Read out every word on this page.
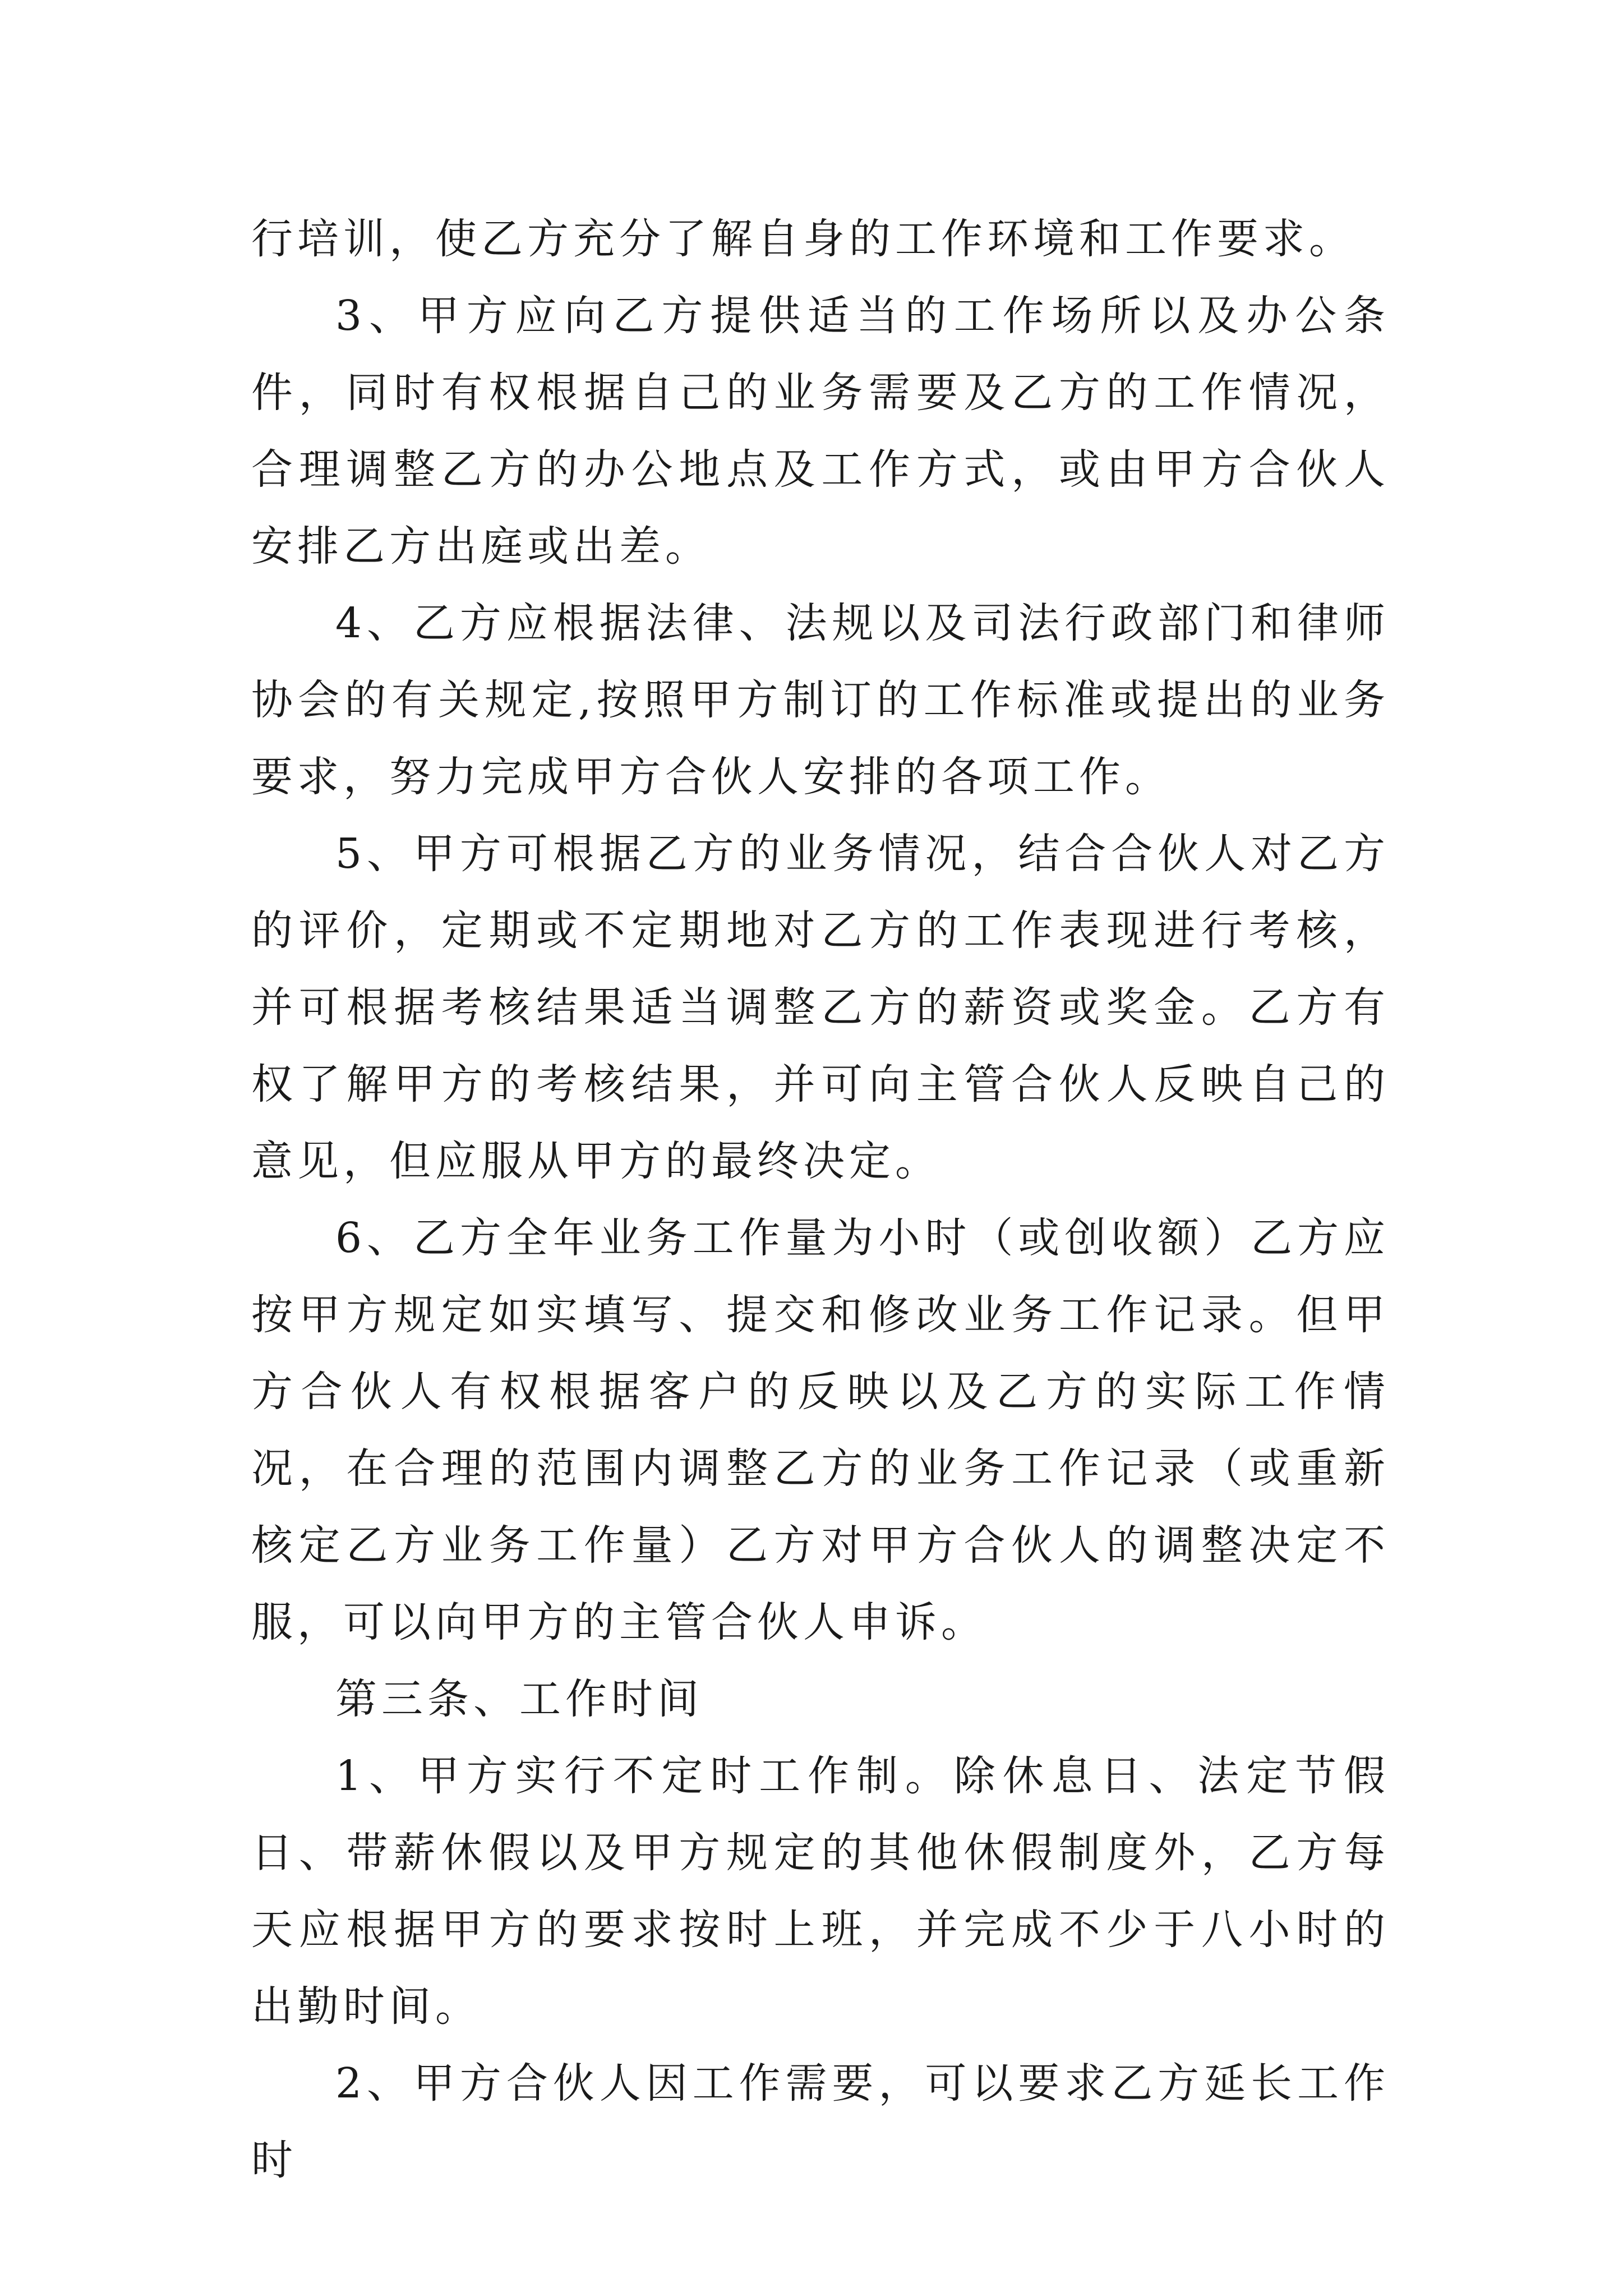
行培训，使乙方充分了解自身的工作环境和工作要求。

3、甲方应向乙方提供适当的工作场所以及办公条件，同时有权根据自己的业务需要及乙方的工作情况，合理调整乙方的办公地点及工作方式，或由甲方合伙人安排乙方出庭或出差。

4、乙方应根据法律、法规以及司法行政部门和律师协会的有关规定,按照甲方制订的工作标准或提出的业务要求，努力完成甲方合伙人安排的各项工作。

5、甲方可根据乙方的业务情况，结合合伙人对乙方的评价，定期或不定期地对乙方的工作表现进行考核，并可根据考核结果适当调整乙方的薪资或奖金。乙方有权了解甲方的考核结果，并可向主管合伙人反映自己的意见，但应服从甲方的最终决定。

6、乙方全年业务工作量为小时（或创收额）乙方应按甲方规定如实填写、提交和修改业务工作记录。但甲方合伙人有权根据客户的反映以及乙方的实际工作情况，在合理的范围内调整乙方的业务工作记录（或重新核定乙方业务工作量）乙方对甲方合伙人的调整决定不服，可以向甲方的主管合伙人申诉。

第三条、工作时间

1、甲方实行不定时工作制。除休息日、法定节假日、带薪休假以及甲方规定的其他休假制度外，乙方每天应根据甲方的要求按时上班，并完成不少于八小时的出勤时间。

2、甲方合伙人因工作需要，可以要求乙方延长工作时
